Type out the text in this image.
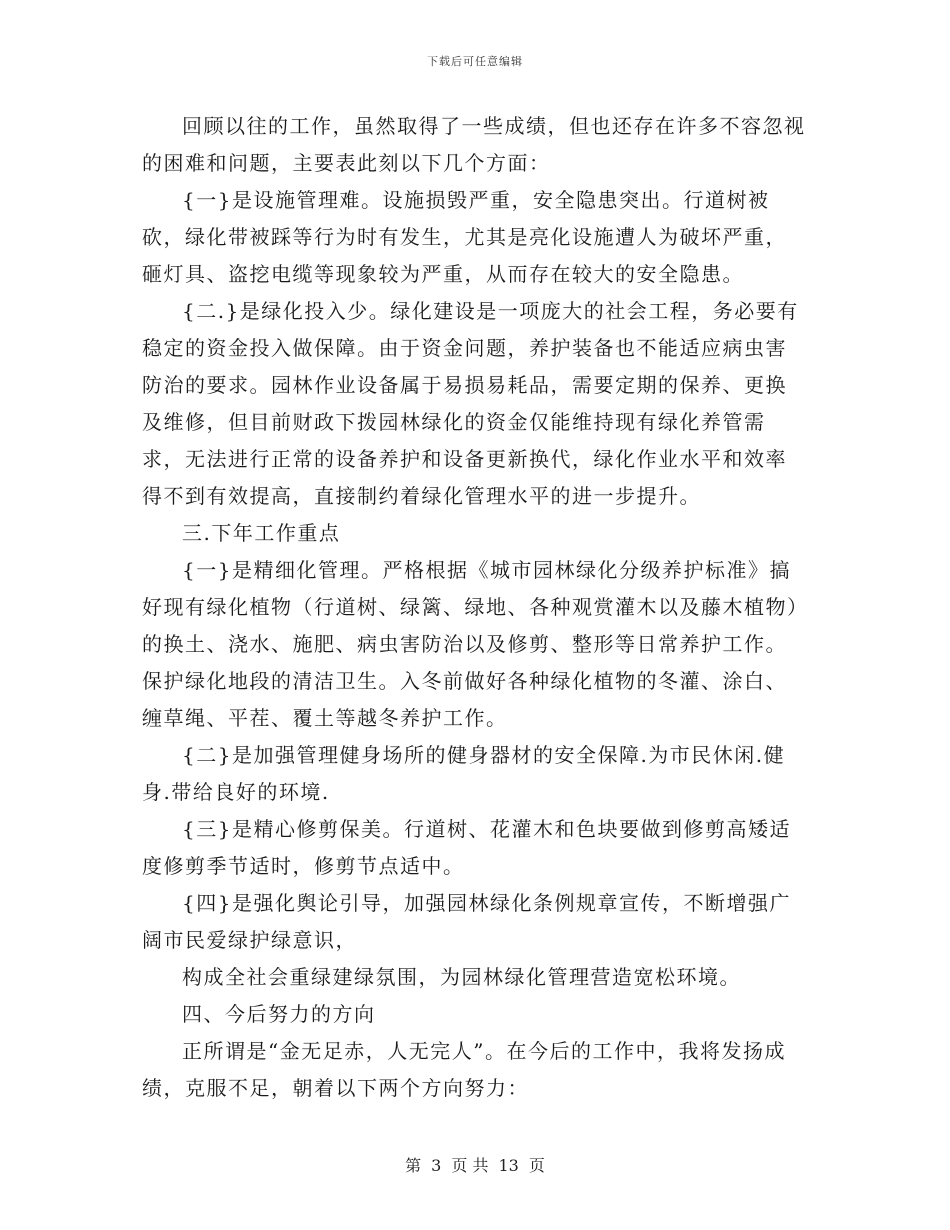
下载后可任意编辑

回顾以往的工作，虽然取得了一些成绩，但也还存在许多不容忽视的困难和问题，主要表此刻以下几个方面：

{一}是设施管理难。设施损毁严重，安全隐患突出。行道树被砍，绿化带被踩等行为时有发生，尤其是亮化设施遭人为破坏严重，砸灯具、盗挖电缆等现象较为严重，从而存在较大的安全隐患。

{二.}是绿化投入少。绿化建设是一项庞大的社会工程，务必要有稳定的资金投入做保障。由于资金问题，养护装备也不能适应病虫害防治的要求。园林作业设备属于易损易耗品，需要定期的保养、更换及维修，但目前财政下拨园林绿化的资金仅能维持现有绿化养管需求，无法进行正常的设备养护和设备更新换代，绿化作业水平和效率得不到有效提高，直接制约着绿化管理水平的进一步提升。

三.下年工作重点

{一}是精细化管理。严格根据《城市园林绿化分级养护标准》搞好现有绿化植物（行道树、绿篱、绿地、各种观赏灌木以及藤木植物）的换土、浇水、施肥、病虫害防治以及修剪、整形等日常养护工作。保护绿化地段的清洁卫生。入冬前做好各种绿化植物的冬灌、涂白、缠草绳、平茬、覆土等越冬养护工作。

{二}是加强管理健身场所的健身器材的安全保障.为市民休闲.健身.带给良好的环境.

{三}是精心修剪保美。行道树、花灌木和色块要做到修剪高矮适度修剪季节适时，修剪节点适中。

{四}是强化舆论引导，加强园林绿化条例规章宣传，不断增强广阔市民爱绿护绿意识，

构成全社会重绿建绿氛围，为园林绿化管理营造宽松环境。

四、今后努力的方向

正所谓是“金无足赤，人无完人”。在今后的工作中，我将发扬成绩，克服不足，朝着以下两个方向努力：

第 3 页 共 13 页
